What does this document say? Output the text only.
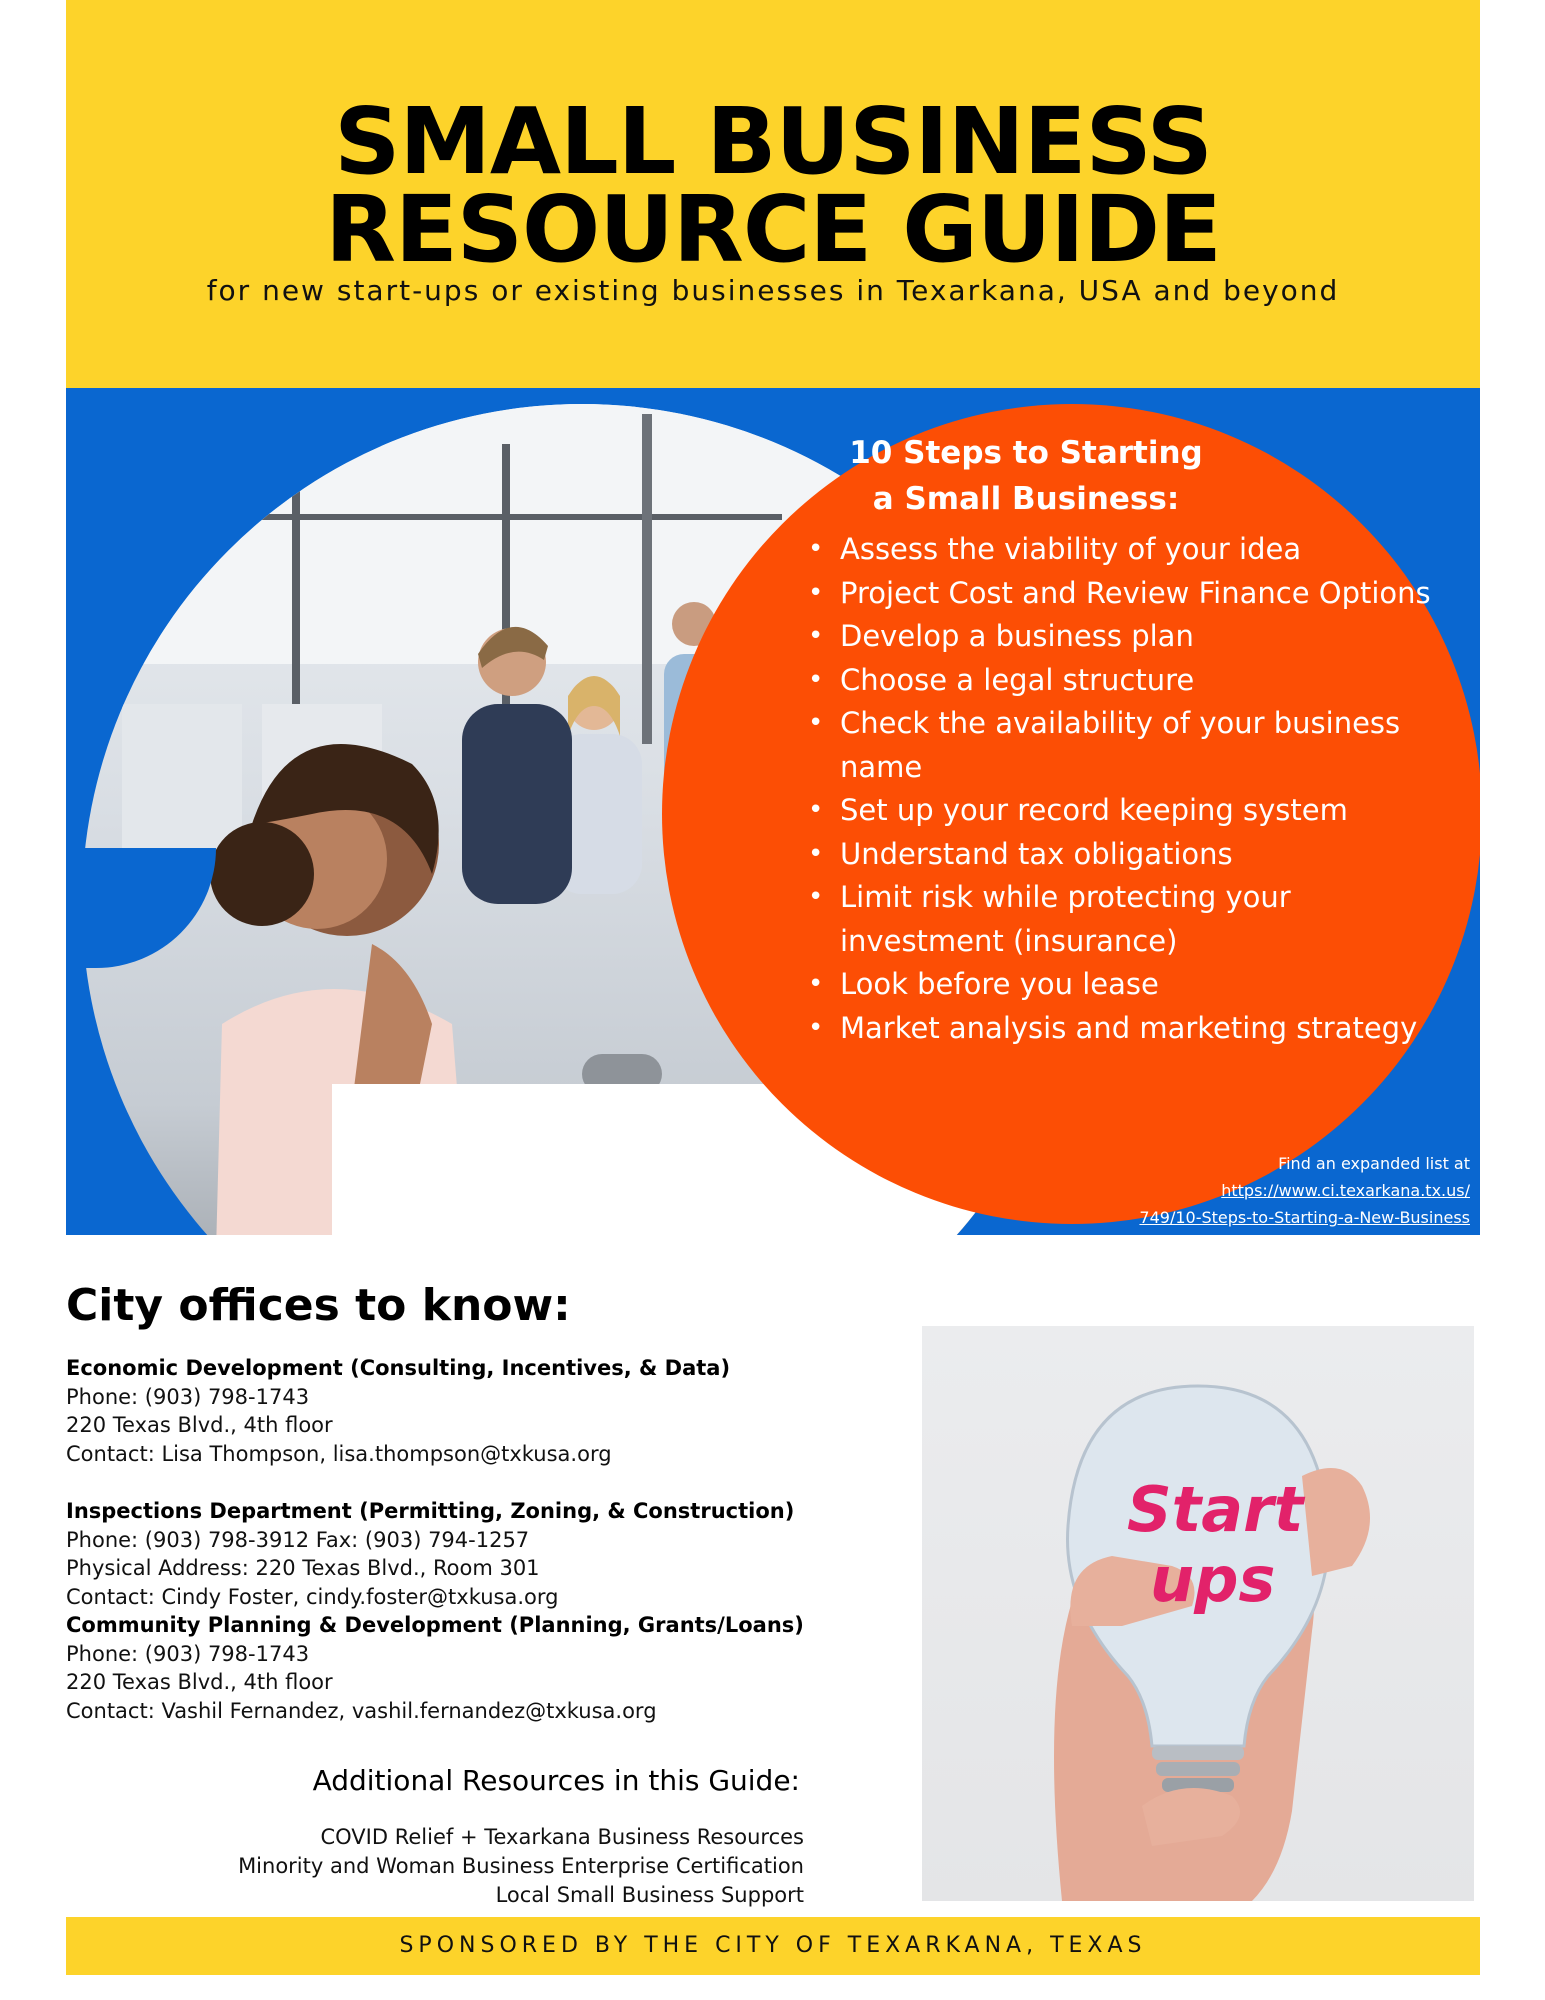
SMALL BUSINESS
RESOURCE GUIDE
for new start-ups or existing businesses in Texarkana, USA and beyond
10 Steps to Starting
a Small Business:
• Assess the viability of your idea
• Project Cost and Review Finance Options
• Develop a business plan
• Choose a legal structure
• Check the availability of your business name
• Set up your record keeping system
• Understand tax obligations
• Limit risk while protecting your investment (insurance)
• Look before you lease
• Market analysis and marketing strategy
Find an expanded list at
https://www.ci.texarkana.tx.us/
749/10-Steps-to-Starting-a-New-Business
City offices to know:
Economic Development (Consulting, Incentives, & Data)
Phone: (903) 798-1743
220 Texas Blvd., 4th floor
Contact: Lisa Thompson, lisa.thompson@txkusa.org
Inspections Department (Permitting, Zoning, & Construction)
Phone: (903) 798-3912 Fax: (903) 794-1257
Physical Address: 220 Texas Blvd., Room 301
Contact: Cindy Foster, cindy.foster@txkusa.org
Community Planning & Development (Planning, Grants/Loans)
Phone: (903) 798-1743
220 Texas Blvd., 4th floor
Contact: Vashil Fernandez, vashil.fernandez@txkusa.org
Additional Resources in this Guide:
COVID Relief + Texarkana Business Resources
Minority and Woman Business Enterprise Certification
Local Small Business Support
Start
ups
SPONSORED BY THE CITY OF TEXARKANA, TEXAS
